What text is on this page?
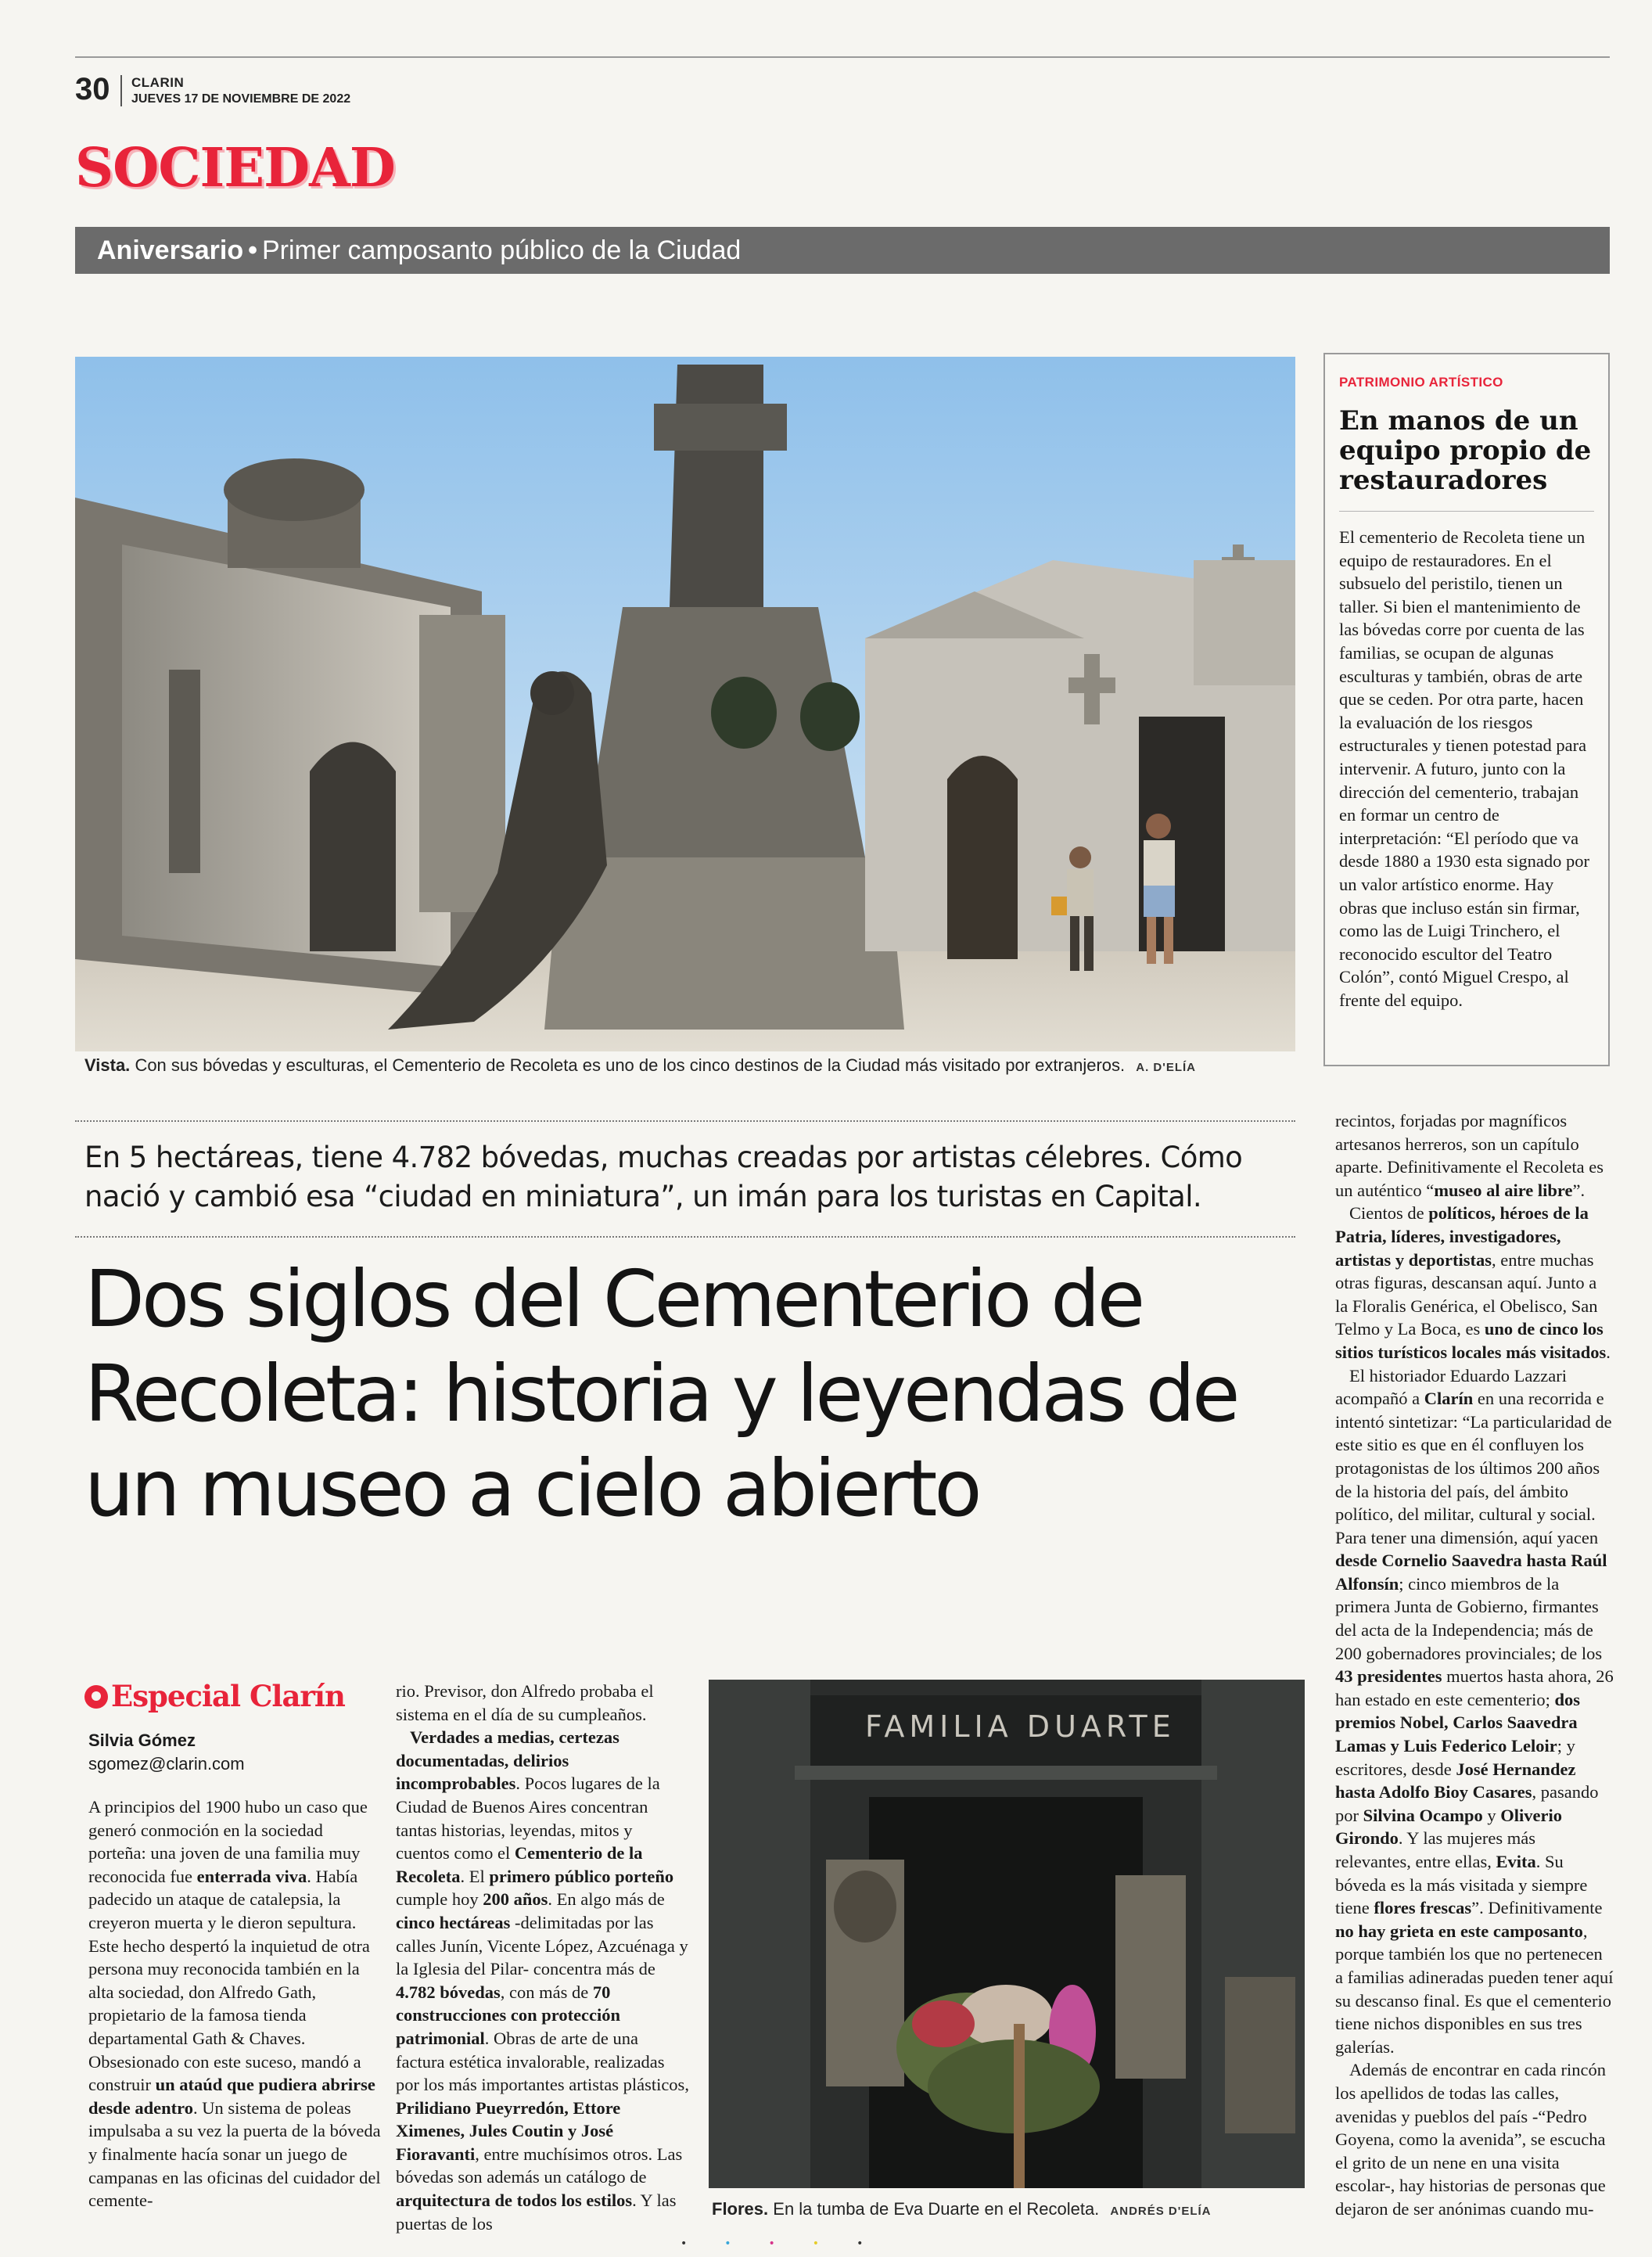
30 CLARIN
JUEVES 17 DE NOVIEMBRE DE 2022
SOCIEDAD
Aniversario • Primer camposanto público de la Ciudad
Vista. Con sus bóvedas y esculturas, el Cementerio de Recoleta es uno de los cinco destinos de la Ciudad más visitado por extranjeros. A. D'ELÍA
PATRIMONIO ARTÍSTICO
En manos de un equipo propio de restauradores
El cementerio de Recoleta tiene un equipo de restauradores. En el subsuelo del peristilo, tienen un taller. Si bien el mantenimiento de las bóvedas corre por cuenta de las familias, se ocupan de algunas esculturas y también, obras de arte que se ceden. Por otra parte, hacen la evaluación de los riesgos estructurales y tienen potestad para intervenir. A futuro, junto con la dirección del cementerio, trabajan en formar un centro de interpretación: “El período que va desde 1880 a 1930 esta signado por un valor artístico enorme. Hay obras que incluso están sin firmar, como las de Luigi Trinchero, el reconocido escultor del Teatro Colón”, contó Miguel Crespo, al frente del equipo.
En 5 hectáreas, tiene 4.782 bóvedas, muchas creadas por artistas célebres. Cómo nació y cambió esa “ciudad en miniatura”, un imán para los turistas en Capital.
Dos siglos del Cementerio de Recoleta: historia y leyendas de un museo a cielo abierto
Especial Clarín
Silvia Gómez
sgomez@clarin.com

A principios del 1900 hubo un caso que generó conmoción en la sociedad porteña: una joven de una familia muy reconocida fue enterrada viva. Había padecido un ataque de catalepsia, la creyeron muerta y le dieron sepultura. Este hecho despertó la inquietud de otra persona muy reconocida también en la alta sociedad, don Alfredo Gath, propietario de la famosa tienda departamental Gath & Chaves. Obsesionado con este suceso, mandó a construir un ataúd que pudiera abrirse desde adentro. Un sistema de poleas impulsaba a su vez la puerta de la bóveda y finalmente hacía sonar un juego de campanas en las oficinas del cuidador del cemente-

rio. Previsor, don Alfredo probaba el sistema en el día de su cumpleaños.

Verdades a medias, certezas documentadas, delirios incomprobables. Pocos lugares de la Ciudad de Buenos Aires concentran tantas historias, leyendas, mitos y cuentos como el Cementerio de la Recoleta. El primero público porteño cumple hoy 200 años. En algo más de cinco hectáreas -delimitadas por las calles Junín, Vicente López, Azcuénaga y la Iglesia del Pilar- concentra más de 4.782 bóvedas, con más de 70 construcciones con protección patrimonial. Obras de arte de una factura estética invalorable, realizadas por los más importantes artistas plásticos, Prilidiano Pueyrredón, Ettore Ximenes, Jules Coutin y José Fioravanti, entre muchísimos otros. Las bóvedas son además un catálogo de arquitectura de todos los estilos. Y las puertas de los

recintos, forjadas por magníficos artesanos herreros, son un capítulo aparte. Definitivamente el Recoleta es un auténtico “museo al aire libre”.

Cientos de políticos, héroes de la Patria, líderes, investigadores, artistas y deportistas, entre muchas otras figuras, descansan aquí. Junto a la Floralis Genérica, el Obelisco, San Telmo y La Boca, es uno de cinco los sitios turísticos locales más visitados.

El historiador Eduardo Lazzari acompañó a Clarín en una recorrida e intentó sintetizar: “La particularidad de este sitio es que en él confluyen los protagonistas de los últimos 200 años de la historia del país, del ámbito político, del militar, cultural y social. Para tener una dimensión, aquí yacen desde Cornelio Saavedra hasta Raúl Alfonsín; cinco miembros de la primera Junta de Gobierno, firmantes del acta de la Independencia; más de 200 gobernadores provinciales; de los 43 presidentes muertos hasta ahora, 26 han estado en este cementerio; dos premios Nobel, Carlos Saavedra Lamas y Luis Federico Leloir; y escritores, desde José Hernandez hasta Adolfo Bioy Casares, pasando por Silvina Ocampo y Oliverio Girondo. Y las mujeres más relevantes, entre ellas, Evita. Su bóveda es la más visitada y siempre tiene flores frescas”. Definitivamente no hay grieta en este camposanto, porque también los que no pertenecen a familias adineradas pueden tener aquí su descanso final. Es que el cementerio tiene nichos disponibles en sus tres galerías.

Además de encontrar en cada rincón los apellidos de todas las calles, avenidas y pueblos del país -“Pedro Goyena, como la avenida”, se escucha el grito de un nene en una visita escolar-, hay historias de personas que dejaron de ser anónimas cuando mu-

FAMILIA DUARTE
Flores. En la tumba de Eva Duarte en el Recoleta. ANDRÉS D'ELÍA
•••••
